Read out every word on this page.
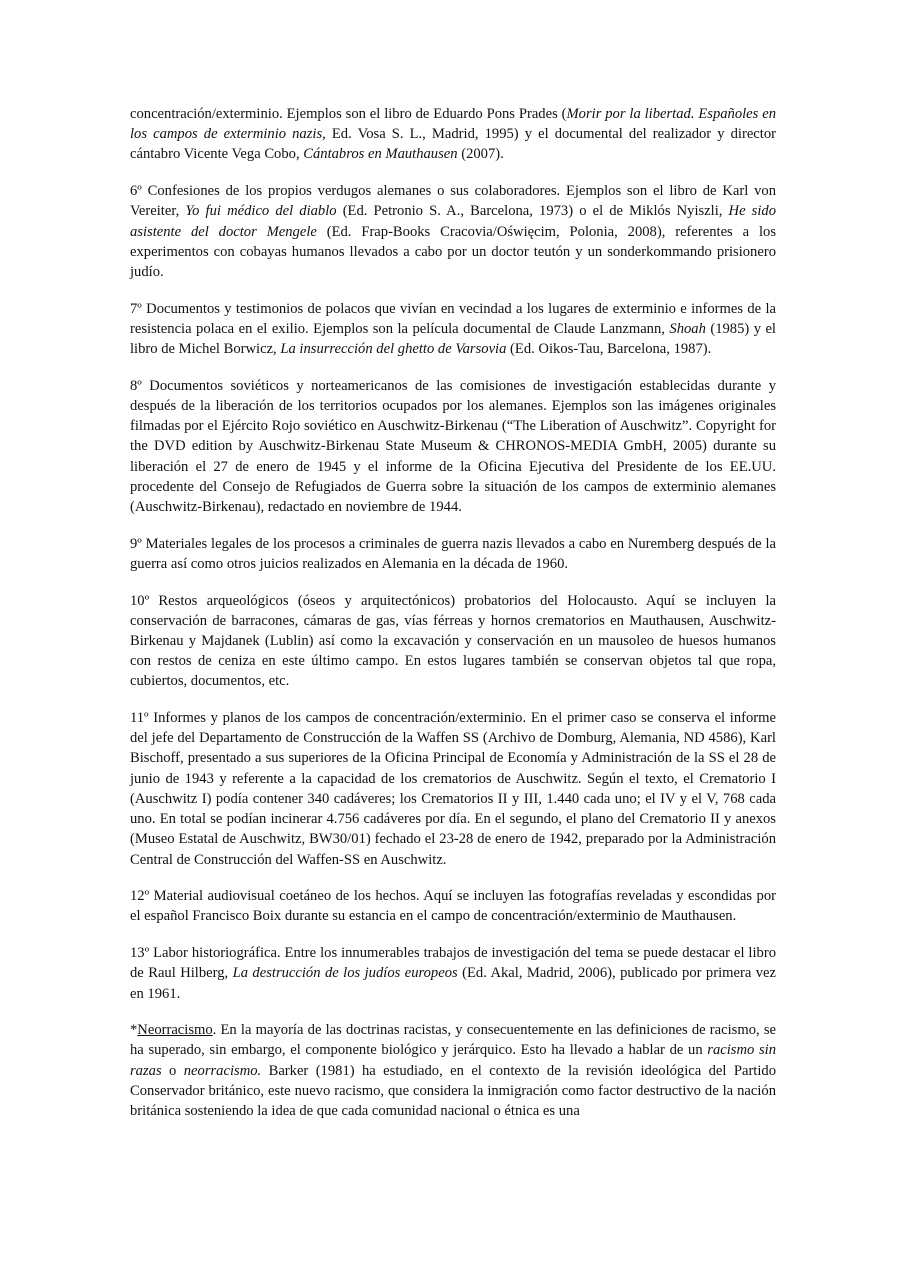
concentración/exterminio. Ejemplos son el libro de Eduardo Pons Prades (Morir por la libertad. Españoles en los campos de exterminio nazis, Ed. Vosa S. L., Madrid, 1995) y el documental del realizador y director cántabro Vicente Vega Cobo, Cántabros en Mauthausen (2007).

6º Confesiones de los propios verdugos alemanes o sus colaboradores. Ejemplos son el libro de Karl von Vereiter, Yo fui médico del diablo (Ed. Petronio S. A., Barcelona, 1973) o el de Miklós Nyiszli, He sido asistente del doctor Mengele (Ed. Frap-Books Cracovia/Oświęcim, Polonia, 2008), referentes a los experimentos con cobayas humanos llevados a cabo por un doctor teutón y un sonderkommando prisionero judío.

7º Documentos y testimonios de polacos que vivían en vecindad a los lugares de exterminio e informes de la resistencia polaca en el exilio. Ejemplos son la película documental de Claude Lanzmann, Shoah (1985) y el libro de Michel Borwicz, La insurrección del ghetto de Varsovia (Ed. Oikos-Tau, Barcelona, 1987).

8º Documentos soviéticos y norteamericanos de las comisiones de investigación establecidas durante y después de la liberación de los territorios ocupados por los alemanes. Ejemplos son las imágenes originales filmadas por el Ejército Rojo soviético en Auschwitz-Birkenau (“The Liberation of Auschwitz”. Copyright for the DVD edition by Auschwitz-Birkenau State Museum & CHRONOS-MEDIA GmbH, 2005) durante su liberación el 27 de enero de 1945 y el informe de la Oficina Ejecutiva del Presidente de los EE.UU. procedente del Consejo de Refugiados de Guerra sobre la situación de los campos de exterminio alemanes (Auschwitz-Birkenau), redactado en noviembre de 1944.

9º Materiales legales de los procesos a criminales de guerra nazis llevados a cabo en Nuremberg después de la guerra así como otros juicios realizados en Alemania en la década de 1960.

10º Restos arqueológicos (óseos y arquitectónicos) probatorios del Holocausto. Aquí se incluyen la conservación de barracones, cámaras de gas, vías férreas y hornos crematorios en Mauthausen, Auschwitz-Birkenau y Majdanek (Lublin) así como la excavación y conservación en un mausoleo de huesos humanos con restos de ceniza en este último campo. En estos lugares también se conservan objetos tal que ropa, cubiertos, documentos, etc.

11º Informes y planos de los campos de concentración/exterminio. En el primer caso se conserva el informe del jefe del Departamento de Construcción de la Waffen SS (Archivo de Domburg, Alemania, ND 4586), Karl Bischoff, presentado a sus superiores de la Oficina Principal de Economía y Administración de la SS el 28 de junio de 1943 y referente a la capacidad de los crematorios de Auschwitz. Según el texto, el Crematorio I (Auschwitz I) podía contener 340 cadáveres; los Crematorios II y III, 1.440 cada uno; el IV y el V, 768 cada uno. En total se podían incinerar 4.756 cadáveres por día. En el segundo, el plano del Crematorio II y anexos (Museo Estatal de Auschwitz, BW30/01) fechado el 23-28 de enero de 1942, preparado por la Administración Central de Construcción del Waffen-SS en Auschwitz.

12º Material audiovisual coetáneo de los hechos. Aquí se incluyen las fotografías reveladas y escondidas por el español Francisco Boix durante su estancia en el campo de concentración/exterminio de Mauthausen.

13º Labor historiográfica. Entre los innumerables trabajos de investigación del tema se puede destacar el libro de Raul Hilberg, La destrucción de los judíos europeos (Ed. Akal, Madrid, 2006), publicado por primera vez en 1961.

*Neorracismo. En la mayoría de las doctrinas racistas, y consecuentemente en las definiciones de racismo, se ha superado, sin embargo, el componente biológico y jerárquico. Esto ha llevado a hablar de un racismo sin razas o neorracismo. Barker (1981) ha estudiado, en el contexto de la revisión ideológica del Partido Conservador británico, este nuevo racismo, que considera la inmigración como factor destructivo de la nación británica sosteniendo la idea de que cada comunidad nacional o étnica es una
